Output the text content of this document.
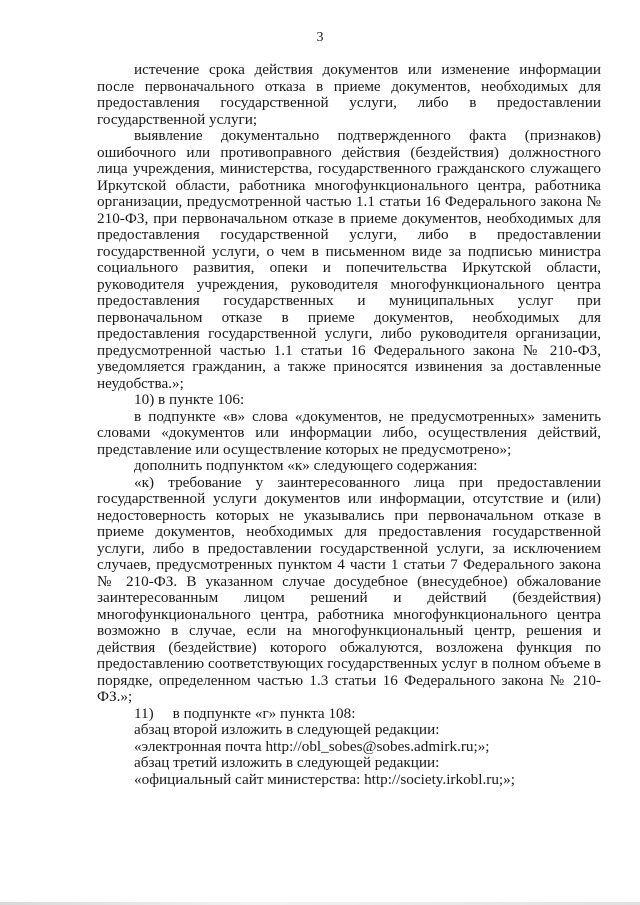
3

истечение срока действия документов или изменение информации после первоначального отказа в приеме документов, необходимых для предоставления государственной услуги, либо в предоставлении государственной услуги;

выявление документально подтвержденного факта (признаков) ошибочного или противоправного действия (бездействия) должностного лица учреждения, министерства, государственного гражданского служащего Иркутской области, работника многофункционального центра, работника организации, предусмотренной частью 1.1 статьи 16 Федерального закона № 210-ФЗ, при первоначальном отказе в приеме документов, необходимых для предоставления государственной услуги, либо в предоставлении государственной услуги, о чем в письменном виде за подписью министра социального развития, опеки и попечительства Иркутской области, руководителя учреждения, руководителя многофункционального центра предоставления государственных и муниципальных услуг при первоначальном отказе в приеме документов, необходимых для предоставления государственной услуги, либо руководителя организации, предусмотренной частью 1.1 статьи 16 Федерального закона № 210-ФЗ, уведомляется гражданин, а также приносятся извинения за доставленные неудобства.»;

10) в пункте 106:

в подпункте «в» слова «документов, не предусмотренных» заменить словами «документов или информации либо, осуществления действий, представление или осуществление которых не предусмотрено»;

дополнить подпунктом «к» следующего содержания:

«к) требование у заинтересованного лица при предоставлении государственной услуги документов или информации, отсутствие и (или) недостоверность которых не указывались при первоначальном отказе в приеме документов, необходимых для предоставления государственной услуги, либо в предоставлении государственной услуги, за исключением случаев, предусмотренных пунктом 4 части 1 статьи 7 Федерального закона № 210-ФЗ. В указанном случае досудебное (внесудебное) обжалование заинтересованным лицом решений и действий (бездействия) многофункционального центра, работника многофункционального центра возможно в случае, если на многофункциональный центр, решения и действия (бездействие) которого обжалуются, возложена функция по предоставлению соответствующих государственных услуг в полном объеме в порядке, определенном частью 1.3 статьи 16 Федерального закона № 210-ФЗ.»;

11)     в подпункте «г» пункта 108:

абзац второй изложить в следующей редакции:

«электронная почта http://obl_sobes@sobes.admirk.ru;»;

абзац третий изложить в следующей редакции:

«официальный сайт министерства: http://society.irkobl.ru;»;
